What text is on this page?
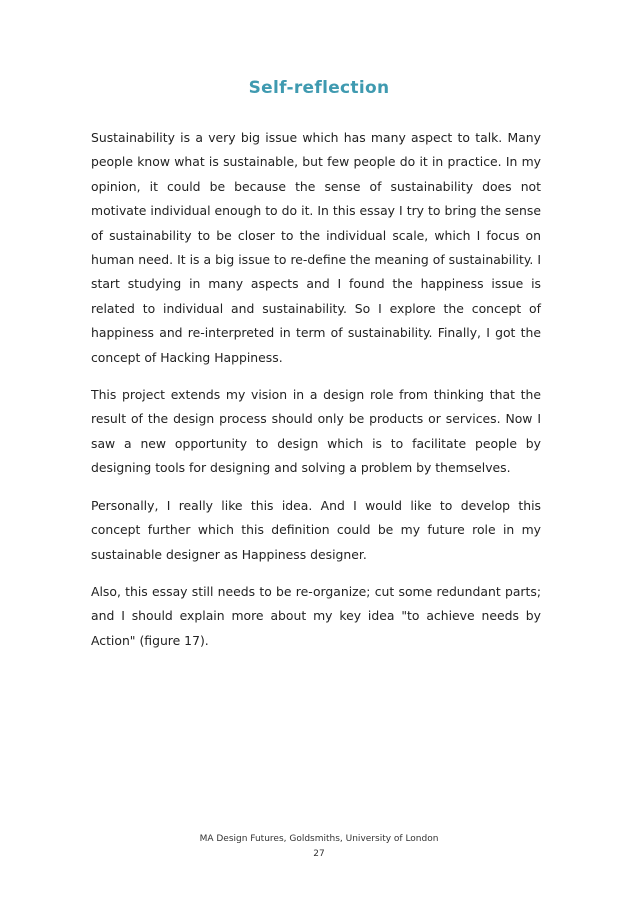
Self-reflection

Sustainability is a very big issue which has many aspect to talk. Many people know what is sustainable, but few people do it in practice. In my opinion, it could be because the sense of sustainability does not motivate individual enough to do it. In this essay I try to bring the sense of sustainability to be closer to the individual scale, which I focus on human need. It is a big issue to re-define the meaning of sustainability. I start studying in many aspects and I found the happiness issue is related to individual and sustainability. So I explore the concept of happiness and re-interpreted in term of sustainability. Finally, I got the concept of Hacking Happiness.

This project extends my vision in a design role from thinking that the result of the design process should only be products or services. Now I saw a new opportunity to design which is to facilitate people by designing tools for designing and solving a problem by themselves.

Personally, I really like this idea. And I would like to develop this concept further which this definition could be my future role in my sustainable designer as Happiness designer.

Also, this essay still needs to be re-organize; cut some redundant parts; and I should explain more about my key idea "to achieve needs by Action" (figure 17).

MA Design Futures, Goldsmiths, University of London
27
